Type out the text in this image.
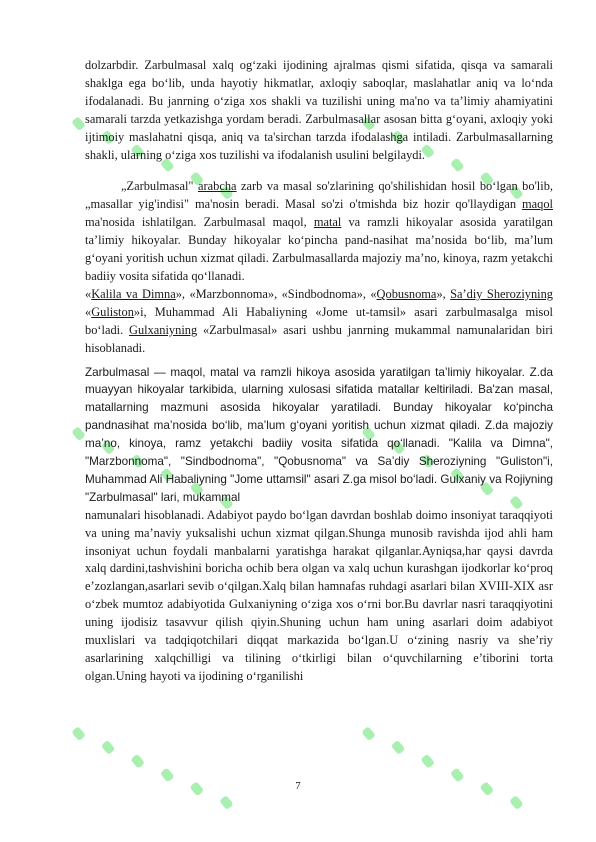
dolzarbdir. Zarbulmasal xalq og‘zaki ijodining ajralmas qismi sifatida, qisqa va samarali shaklga ega bo‘lib, unda hayotiy hikmatlar, axloqiy saboqlar, maslahatlar aniq va lo‘nda ifodalanadi. Bu janrning o‘ziga xos shakli va tuzilishi uning ma'no va ta’limiy ahamiyatini samarali tarzda yetkazishga yordam beradi. Zarbulmasallar asosan bitta g‘oyani, axloqiy yoki ijtimoiy maslahatni qisqa, aniq va ta'sirchan tarzda ifodalashga intiladi. Zarbulmasallarning shakli, ularning o‘ziga xos tuzilishi va ifodalanish usulini belgilaydi.

„Zarbulmasal" arabcha zarb va masal so'zlarining qo'shilishidan hosil bo‘lgan bo'lib, „masallar yig'indisi" ma'nosin beradi. Masal so'zi o'tmishda biz hozir qo'llaydigan maqol ma'nosida ishlatilgan. Zarbulmasal maqol, matal va ramzli hikoyalar asosida yaratilgan ta’limiy hikoyalar. Bunday hikoyalar ko‘pincha pand-nasihat ma’nosida bo‘lib, ma’lum g‘oyani yoritish uchun xizmat qiladi. Zarbulmasallarda majoziy ma’no, kinoya, razm yetakchi badiiy vosita sifatida qo‘llanadi.

«Kalila va Dimna», «Marzbonnoma», «Sindbodnoma», «Qobusnoma», Sa’diy Sheroziyning «Guliston»i, Muhammad Ali Habaliyning «Jome ut-tamsil» asari zarbulmasalga misol bo‘ladi. Gulxaniyning «Zarbulmasal» asari ushbu janrning mukammal namunalaridan biri hisoblanadi.

Zarbulmasal — maqol, matal va ramzli hikoya asosida yaratilgan ta’limiy hikoyalar. Z.da muayyan hikoyalar tarkibida, ularning xulosasi sifatida matallar keltiriladi. Ba'zan masal, matallarning mazmuni asosida hikoyalar yaratiladi. Bunday hikoyalar ko‘pincha pandnasihat ma’nosida bo‘lib, ma’lum g‘oyani yoritish uchun xizmat qiladi. Z.da majoziy ma’no, kinoya, ramz yetakchi badiiy vosita sifatida qo‘llanadi. "Kalila va Dimna", "Marzbonnoma", "Sindbodnoma", "Qobusnoma" va Sa’diy Sheroziyning "Guliston"i, Muhammad Ali Habaliyning "Jome uttamsil" asari Z.ga misol bo‘ladi. Gulxaniy va Rojiyning "Zarbulmasal" lari, mukammal

namunalari hisoblanadi. Adabiyot paydo bo‘lgan davrdan boshlab doimo insoniyat taraqqiyoti va uning ma’naviy yuksalishi uchun xizmat qilgan.Shunga munosib ravishda ijod ahli ham insoniyat uchun foydali manbalarni yaratishga harakat qilganlar.Ayniqsa,har qaysi davrda xalq dardini,tashvishini boricha ochib bera olgan va xalq uchun kurashgan ijodkorlar ko‘proq e’zozlangan,asarlari sevib o‘qilgan.Xalq bilan hamnafas ruhdagi asarlari bilan XVIII-XIX asr o‘zbek mumtoz adabiyotida Gulxaniyning o‘ziga xos o‘rni bor.Bu davrlar nasri taraqqiyotini uning ijodisiz tasavvur qilish qiyin.Shuning uchun ham uning asarlari doim adabiyot muxlislari va tadqiqotchilari diqqat markazida bo‘lgan.U o‘zining nasriy va she’riy asarlarining xalqchilligi va tilining o‘tkirligi bilan o‘quvchilarning e’tiborini torta olgan.Uning hayoti va ijodining o‘rganilishi

7
